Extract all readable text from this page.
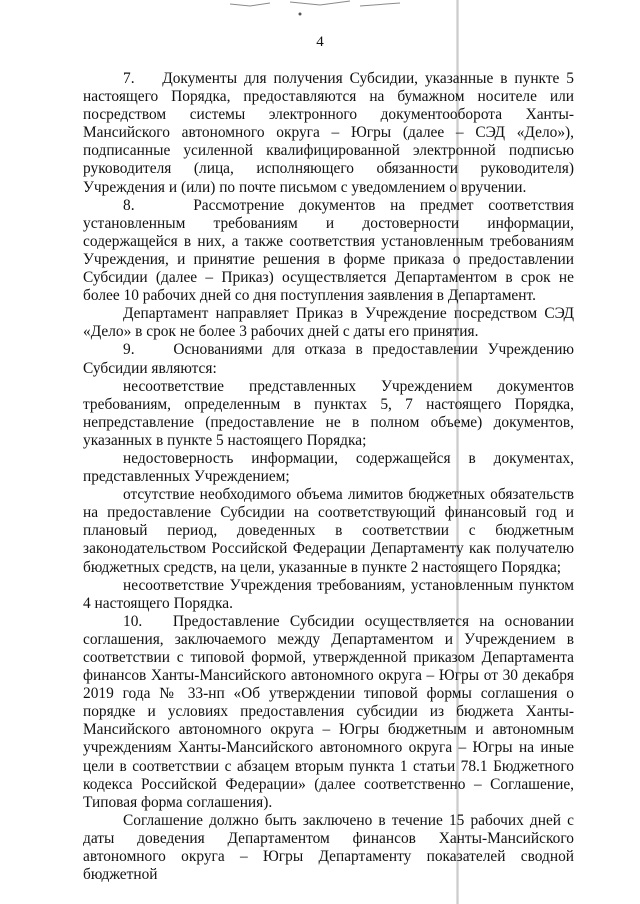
4

7.    Документы для получения Субсидии, указанные в пункте 5 настоящего Порядка, предоставляются на бумажном носителе или посредством системы электронного документооборота Ханты-Мансийского автономного округа – Югры (далее – СЭД «Дело»), подписанные усиленной квалифицированной электронной подписью руководителя (лица, исполняющего обязанности руководителя) Учреждения и (или) по почте письмом с уведомлением о вручении.

8.    Рассмотрение документов на предмет соответствия установленным требованиям и достоверности информации, содержащейся в них, а также соответствия установленным требованиям Учреждения, и принятие решения в форме приказа о предоставлении Субсидии (далее – Приказ) осуществляется Департаментом в срок не более 10 рабочих дней со дня поступления заявления в Департамент.

Департамент направляет Приказ в Учреждение посредством СЭД «Дело» в срок не более 3 рабочих дней с даты его принятия.

9.    Основаниями для отказа в предоставлении Учреждению Субсидии являются:

несоответствие представленных Учреждением документов требованиям, определенным в пунктах 5, 7 настоящего Порядка, непредставление (предоставление не в полном объеме) документов, указанных в пункте 5 настоящего Порядка;

недостоверность информации, содержащейся в документах, представленных Учреждением;

отсутствие необходимого объема лимитов бюджетных обязательств на предоставление Субсидии на соответствующий финансовый год и плановый период, доведенных в соответствии с бюджетным законодательством Российской Федерации Департаменту как получателю бюджетных средств, на цели, указанные в пункте 2 настоящего Порядка;

несоответствие Учреждения требованиям, установленным пунктом 4 настоящего Порядка.

10.   Предоставление Субсидии осуществляется на основании соглашения, заключаемого между Департаментом и Учреждением в соответствии с типовой формой, утвержденной приказом Департамента финансов Ханты-Мансийского автономного округа – Югры от 30 декабря 2019 года № 33-нп «Об утверждении типовой формы соглашения о порядке и условиях предоставления субсидии из бюджета Ханты-Мансийского автономного округа – Югры бюджетным и автономным учреждениям Ханты-Мансийского автономного округа – Югры на иные цели в соответствии с абзацем вторым пункта 1 статьи 78.1 Бюджетного кодекса Российской Федерации» (далее соответственно – Соглашение, Типовая форма соглашения).

Соглашение должно быть заключено в течение 15 рабочих дней с даты доведения Департаментом финансов Ханты-Мансийского автономного округа – Югры Департаменту показателей сводной бюджетной
